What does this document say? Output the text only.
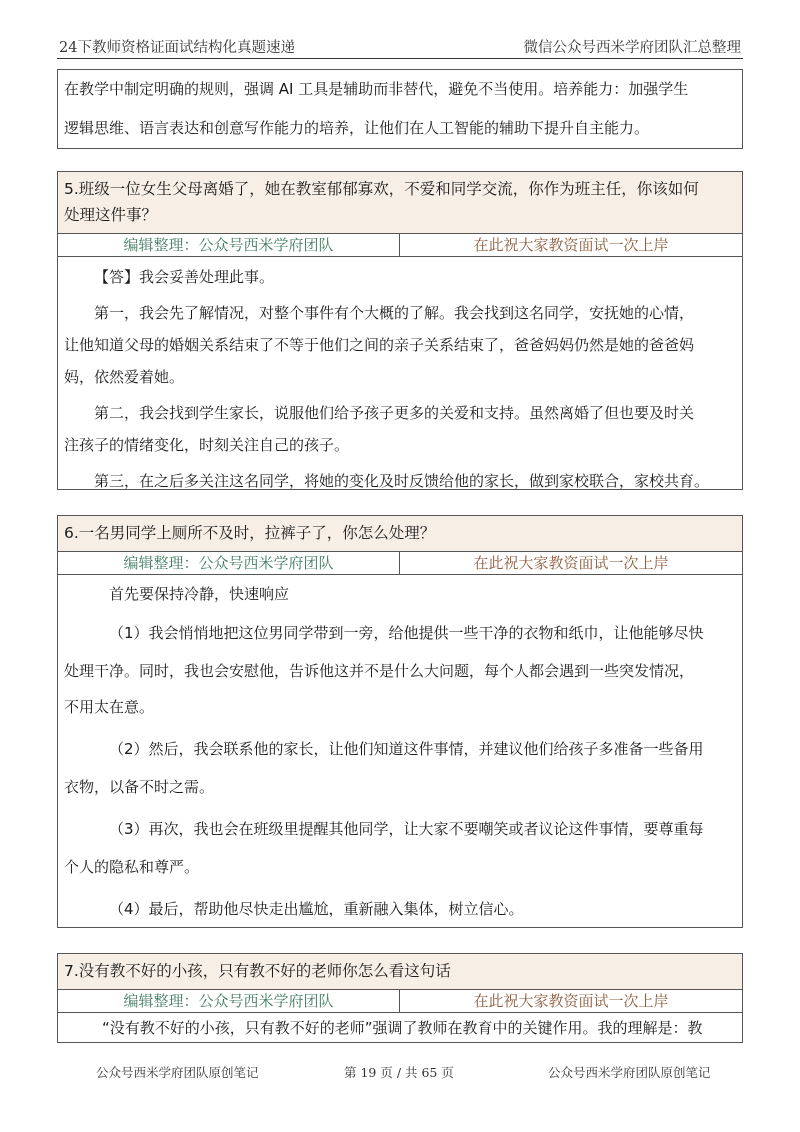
24下教师资格证面试结构化真题速递	微信公众号西米学府团队汇总整理

在教学中制定明确的规则，强调 AI 工具是辅助而非替代，避免不当使用。培养能力：加强学生

逻辑思维、语言表达和创意写作能力的培养，让他们在人工智能的辅助下提升自主能力。

5.班级一位女生父母离婚了，她在教室郁郁寡欢，不爱和同学交流，你作为班主任，你该如何
处理这件事？
编辑整理：公众号西米学府团队	在此祝大家教资面试一次上岸

【答】我会妥善处理此事。

第一，我会先了解情况，对整个事件有个大概的了解。我会找到这名同学，安抚她的心情，

让他知道父母的婚姻关系结束了不等于他们之间的亲子关系结束了，爸爸妈妈仍然是她的爸爸妈

妈，依然爱着她。

第二，我会找到学生家长，说服他们给予孩子更多的关爱和支持。虽然离婚了但也要及时关

注孩子的情绪变化，时刻关注自己的孩子。

第三，在之后多关注这名同学，将她的变化及时反馈给他的家长，做到家校联合，家校共育。

6.一名男同学上厕所不及时，拉裤子了，你怎么处理？
编辑整理：公众号西米学府团队	在此祝大家教资面试一次上岸

首先要保持冷静，快速响应

（1）我会悄悄地把这位男同学带到一旁，给他提供一些干净的衣物和纸巾，让他能够尽快

处理干净。同时，我也会安慰他，告诉他这并不是什么大问题，每个人都会遇到一些突发情况，

不用太在意。

（2）然后，我会联系他的家长，让他们知道这件事情，并建议他们给孩子多准备一些备用

衣物，以备不时之需。

（3）再次，我也会在班级里提醒其他同学，让大家不要嘲笑或者议论这件事情，要尊重每

个人的隐私和尊严。

（4）最后，帮助他尽快走出尴尬，重新融入集体，树立信心。

7.没有教不好的小孩，只有教不好的老师你怎么看这句话
编辑整理：公众号西米学府团队	在此祝大家教资面试一次上岸

“没有教不好的小孩，只有教不好的老师”强调了教师在教育中的关键作用。我的理解是：教

公众号西米学府团队原创笔记	第 19 页 / 共 65 页	公众号西米学府团队原创笔记
